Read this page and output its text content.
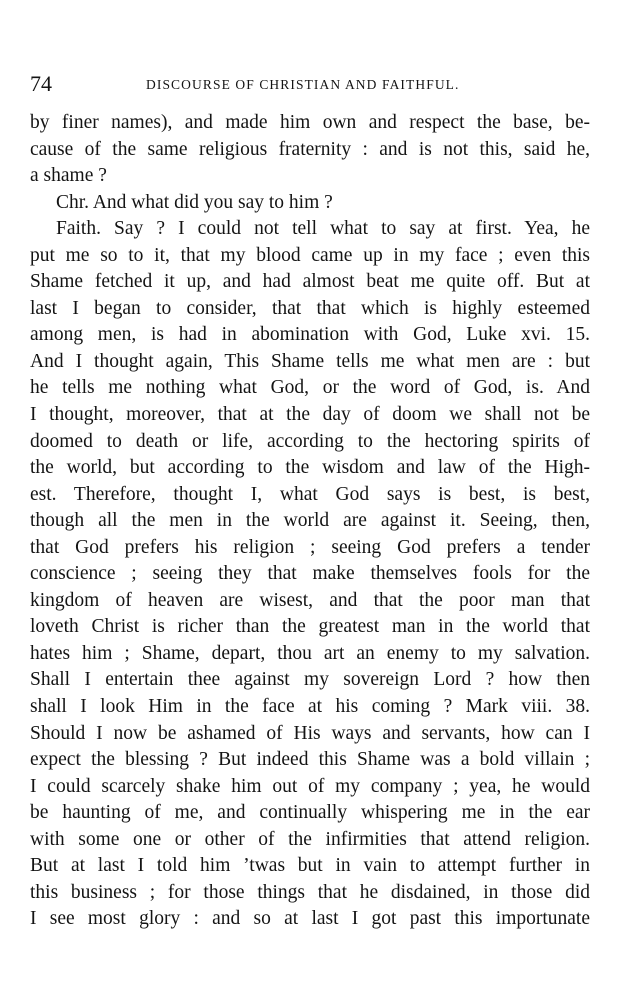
74	DISCOURSE OF CHRISTIAN AND FAITHFUL.
by finer names), and made him own and respect the base, be-
cause of the same religious fraternity : and is not this, said he,
a shame ?
Chr. And what did you say to him ?
Faith. Say ? I could not tell what to say at first. Yea, he
put me so to it, that my blood came up in my face ; even this
Shame fetched it up, and had almost beat me quite off. But at
last I began to consider, that that which is highly esteemed
among men, is had in abomination with God, Luke xvi. 15.
And I thought again, This Shame tells me what men are : but
he tells me nothing what God, or the word of God, is. And
I thought, moreover, that at the day of doom we shall not be
doomed to death or life, according to the hectoring spirits of
the world, but according to the wisdom and law of the High-
est. Therefore, thought I, what God says is best, is best,
though all the men in the world are against it. Seeing, then,
that God prefers his religion ; seeing God prefers a tender
conscience ; seeing they that make themselves fools for the
kingdom of heaven are wisest, and that the poor man that
loveth Christ is richer than the greatest man in the world that
hates him ; Shame, depart, thou art an enemy to my salvation.
Shall I entertain thee against my sovereign Lord ? how then
shall I look Him in the face at his coming ? Mark viii. 38.
Should I now be ashamed of His ways and servants, how can I
expect the blessing ? But indeed this Shame was a bold villain ;
I could scarcely shake him out of my company ; yea, he would
be haunting of me, and continually whispering me in the ear
with some one or other of the infirmities that attend religion.
But at last I told him ’twas but in vain to attempt further in
this business ; for those things that he disdained, in those did
I see most glory : and so at last I got past this importunate
